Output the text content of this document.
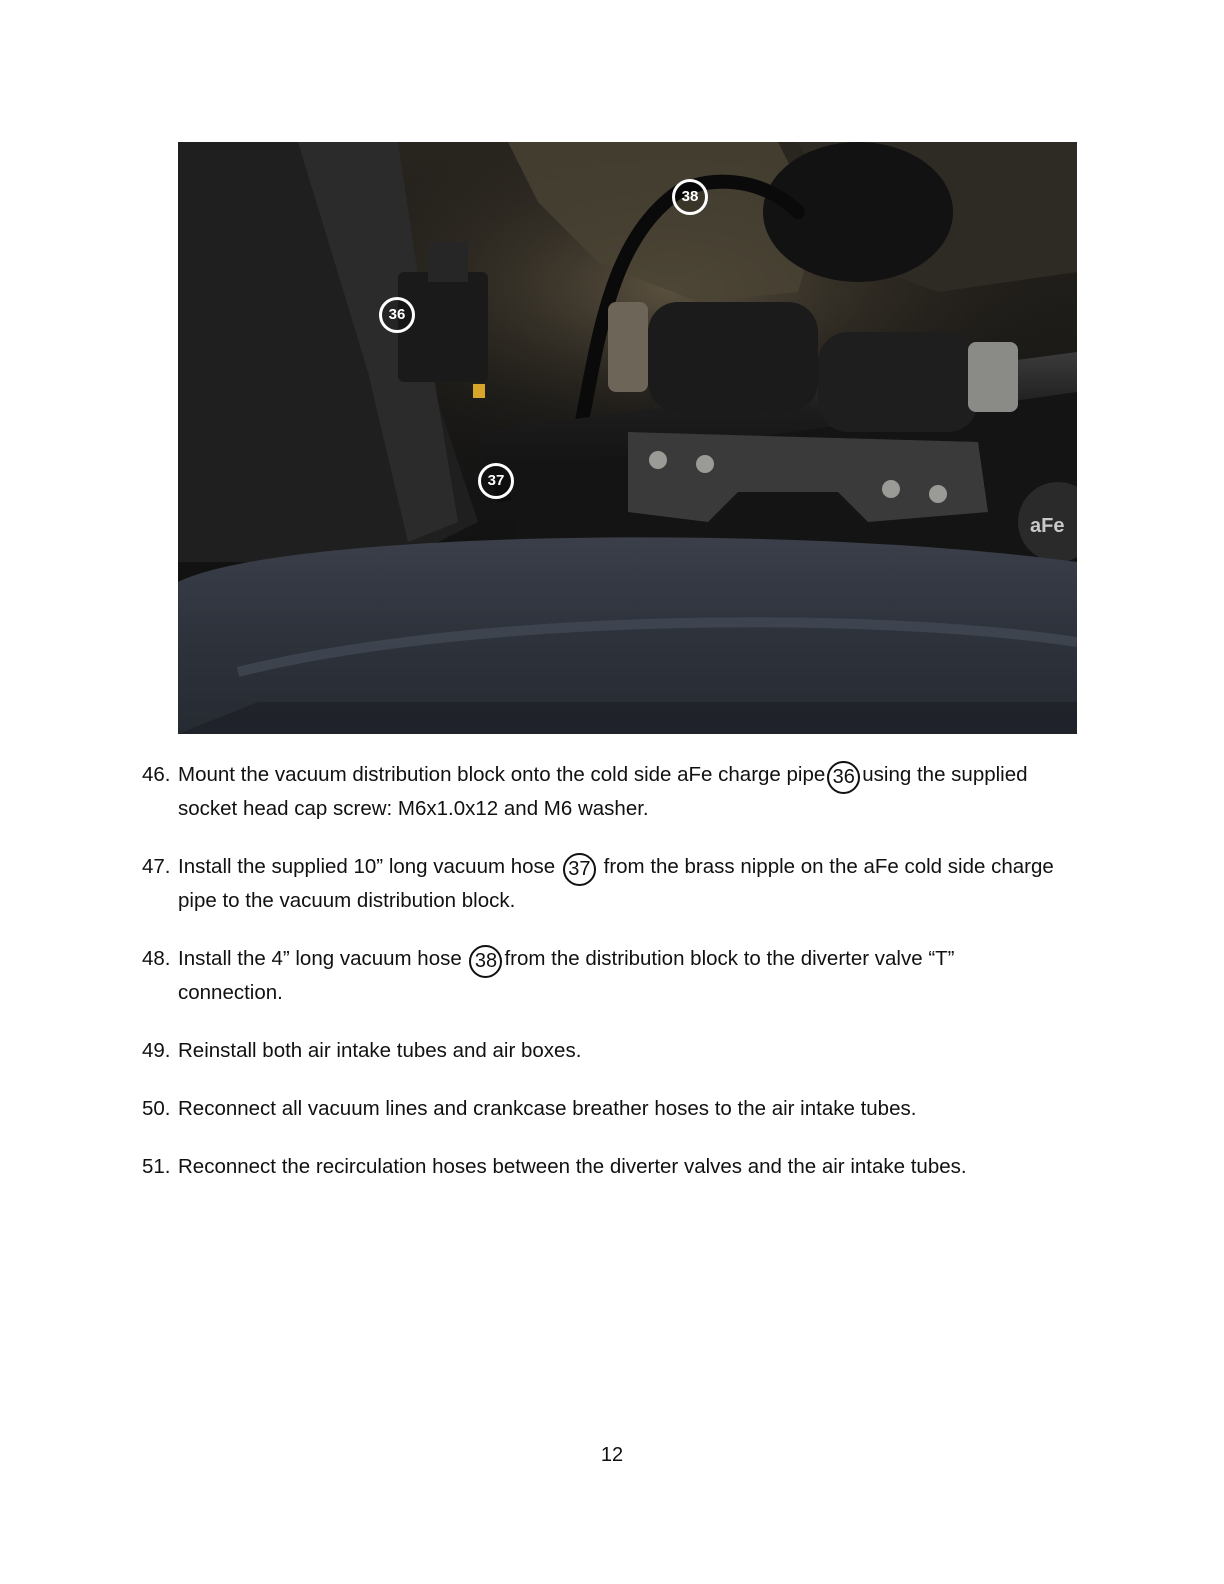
aFe
38
36
37
46. Mount the vacuum distribution block onto the cold side aFe charge pipe 36 using the supplied socket head cap screw: M6x1.0x12 and M6 washer.
47. Install the supplied 10” long vacuum hose 37 from the brass nipple on the aFe cold side charge pipe to the vacuum distribution block.
48. Install the 4” long vacuum hose 38 from the distribution block to the diverter valve “T” connection.
49. Reinstall both air intake tubes and air boxes.
50. Reconnect all vacuum lines and crankcase breather hoses to the air intake tubes.
51. Reconnect the recirculation hoses between the diverter valves and the air intake tubes.
12
